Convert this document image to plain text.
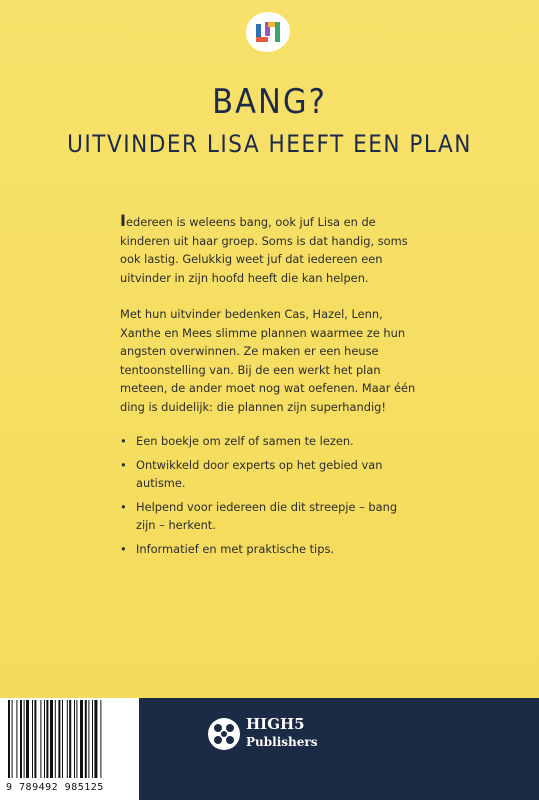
BANG?
UITVINDER LISA HEEFT EEN PLAN

Iedereen is weleens bang, ook juf Lisa en de kinderen uit haar groep. Soms is dat handig, soms ook lastig. Gelukkig weet juf dat iedereen een uitvinder in zijn hoofd heeft die kan helpen.

Met hun uitvinder bedenken Cas, Hazel, Lenn, Xanthe en Mees slimme plannen waarmee ze hun angsten overwinnen. Ze maken er een heuse tentoonstelling van. Bij de een werkt het plan meteen, de ander moet nog wat oefenen. Maar één ding is duidelijk: die plannen zijn superhandig!

• Een boekje om zelf of samen te lezen.
• Ontwikkeld door experts op het gebied van autisme.
• Helpend voor iedereen die dit streepje – bang zijn – herkent.
• Informatief en met praktische tips.
9 789492 985125
HIGH5
Publishers
